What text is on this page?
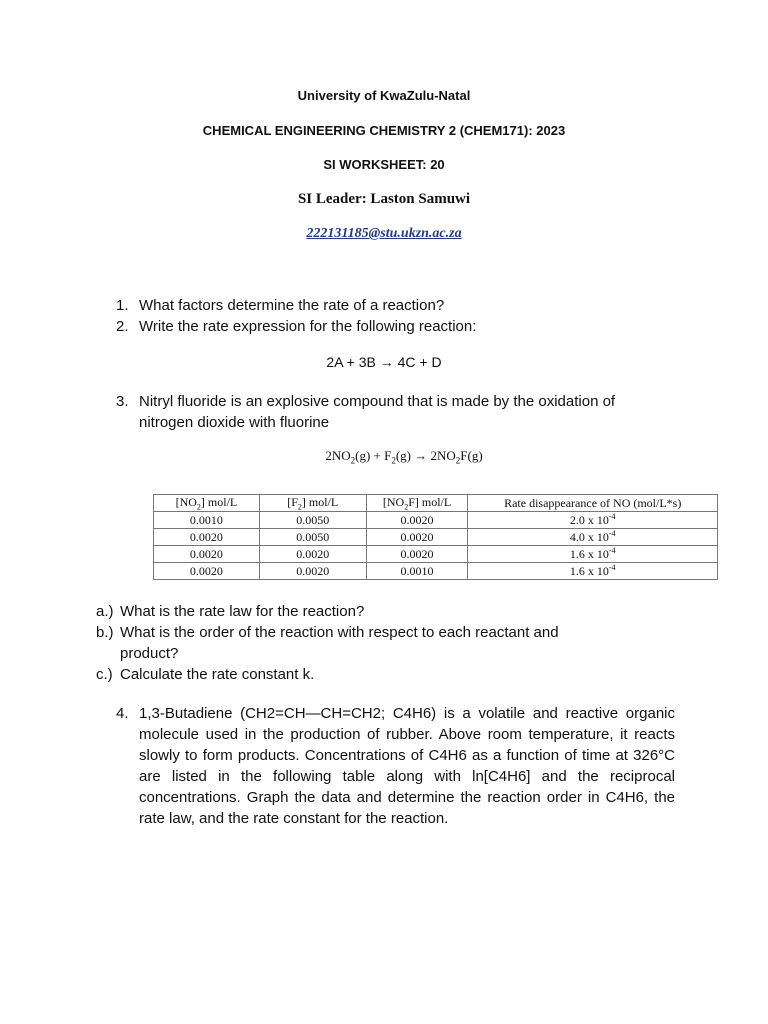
University of KwaZulu-Natal
CHEMICAL ENGINEERING CHEMISTRY 2 (CHEM171): 2023
SI WORKSHEET: 20
SI Leader: Laston Samuwi
222131185@stu.ukzn.ac.za
1. What factors determine the rate of a reaction?
2. Write the rate expression for the following reaction:
2A + 3B → 4C + D
3. Nitryl fluoride is an explosive compound that is made by the oxidation of nitrogen dioxide with fluorine
$2NO_2(g) + F_2(g) \to 2NO_2F(g)$
$[NO_2]$ mol/L	$[F_2]$ mol/L	$[NO_2F]$ mol/L	Rate disappearance of NO (mol/L*s)
0.0010	0.0050	0.0020	2.0 x $10^{-4}$
0.0020	0.0050	0.0020	4.0 x $10^{-4}$
0.0020	0.0020	0.0020	1.6 x $10^{-4}$
0.0020	0.0020	0.0010	1.6 x $10^{-4}$
a.) What is the rate law for the reaction?
b.) What is the order of the reaction with respect to each reactant and
product?
c.) Calculate the rate constant k.
4. 1,3-Butadiene (CH2=CH—CH=CH2; C4H6) is a volatile and reactive organic molecule used in the production of rubber. Above room temperature, it reacts slowly to form products. Concentrations of C4H6 as a function of time at 326°C are listed in the following table along with ln[C4H6] and the reciprocal concentrations. Graph the data and determine the reaction order in C4H6, the rate law, and the rate constant for the reaction.
